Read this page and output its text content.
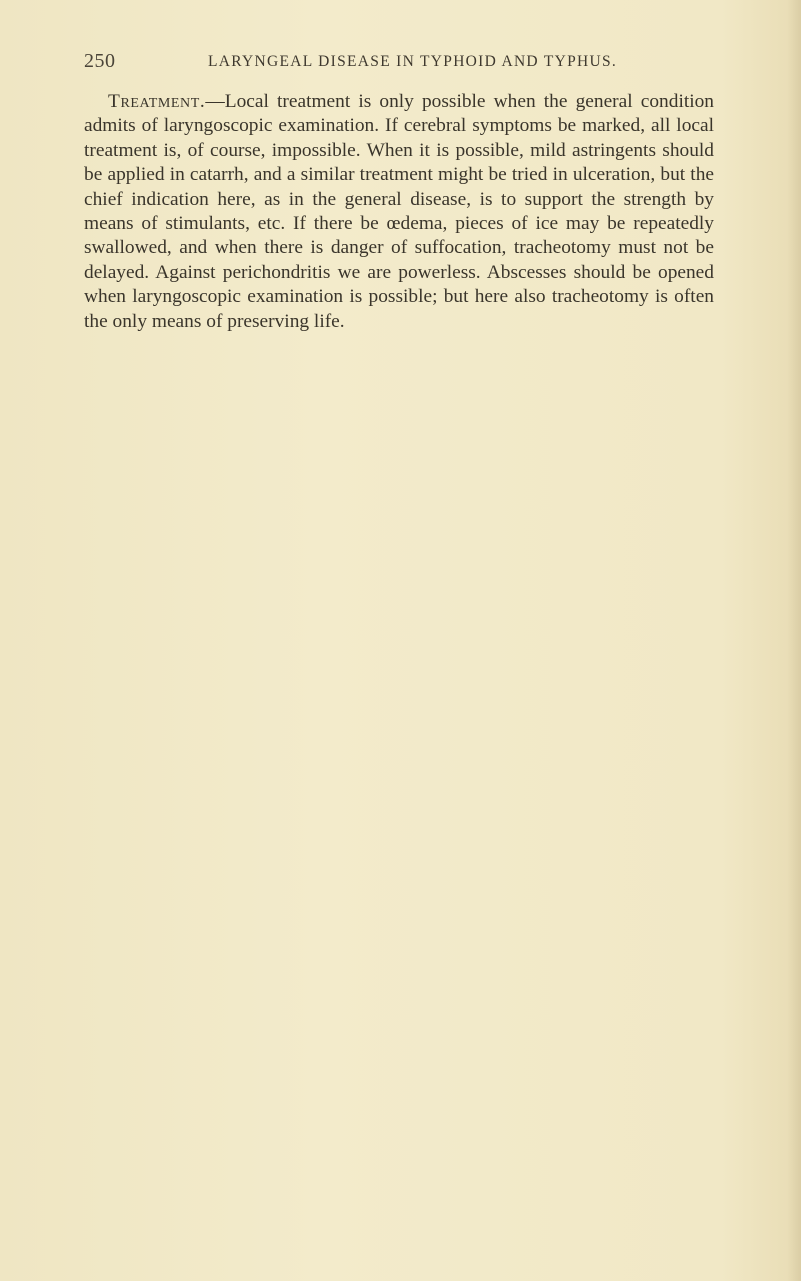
250	LARYNGEAL DISEASE IN TYPHOID AND TYPHUS.

Treatment.—Local treatment is only possible when the general condition admits of laryngoscopic examination. If cerebral symptoms be marked, all local treatment is, of course, impossible. When it is possible, mild astringents should be applied in catarrh, and a similar treatment might be tried in ulceration, but the chief indication here, as in the general disease, is to support the strength by means of stimulants, etc. If there be œdema, pieces of ice may be repeatedly swallowed, and when there is danger of suffocation, tracheotomy must not be delayed. Against perichondritis we are powerless. Abscesses should be opened when laryngoscopic examination is possible; but here also tracheotomy is often the only means of preserving life.
